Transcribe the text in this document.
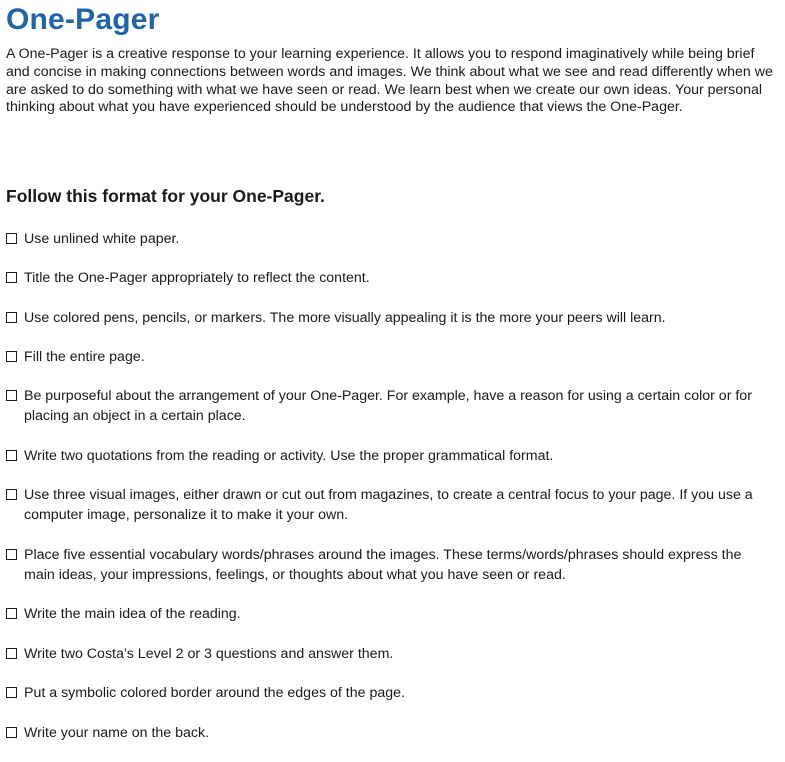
One-Pager

A One-Pager is a creative response to your learning experience. It allows you to respond imaginatively while being brief and concise in making connections between words and images. We think about what we see and read differently when we are asked to do something with what we have seen or read. We learn best when we create our own ideas. Your personal thinking about what you have experienced should be understood by the audience that views the One-Pager.

Follow this format for your One-Pager.
Use unlined white paper.
Title the One-Pager appropriately to reflect the content.
Use colored pens, pencils, or markers. The more visually appealing it is the more your peers will learn.
Fill the entire page.
Be purposeful about the arrangement of your One-Pager. For example, have a reason for using a certain color or for placing an object in a certain place.
Write two quotations from the reading or activity. Use the proper grammatical format.
Use three visual images, either drawn or cut out from magazines, to create a central focus to your page. If you use a computer image, personalize it to make it your own.
Place five essential vocabulary words/phrases around the images. These terms/words/phrases should express the main ideas, your impressions, feelings, or thoughts about what you have seen or read.
Write the main idea of the reading.
Write two Costa’s Level 2 or 3 questions and answer them.
Put a symbolic colored border around the edges of the page.
Write your name on the back.
